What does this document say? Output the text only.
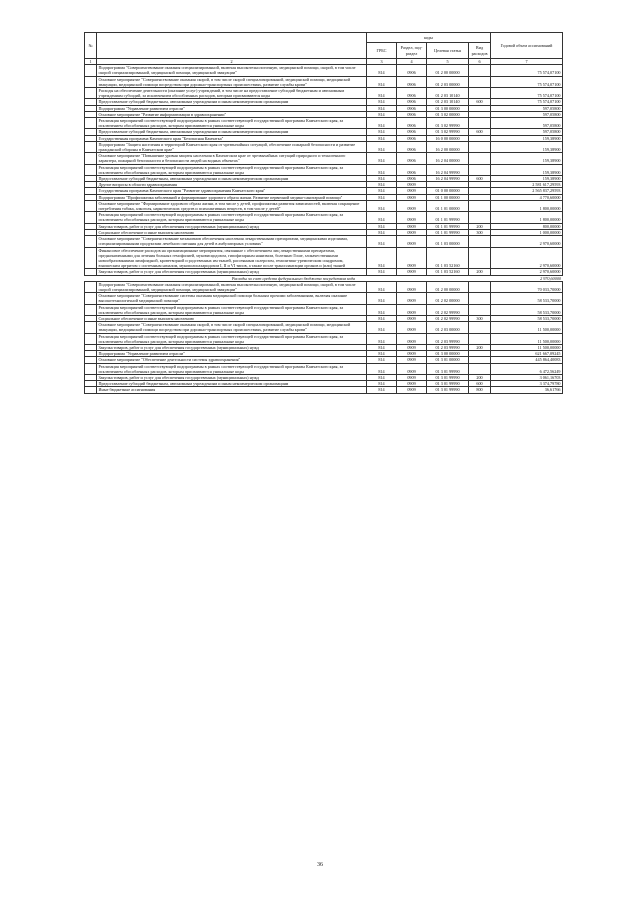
№		коды				Годовой объем ассигнований
		ГРБС	Раздел, под-раздел	Целевая статья	Вид расходов	
1	2	3	4	5	6	7
	Подпрограмма "Совершенствование оказания специализированной, включая высокотехнологичную, медицинской помощи, скорой, в том числе скорой специализированной, медицинской помощи, медицинской эвакуации"	814	0906	01 2 00 00000		75 574,07100
	Основное мероприятие "Совершенствование оказания скорой, в том числе скорой специализированной, медицинской помощи, медицинской эвакуации, медицинской помощи посредством при дорожно-транспортных происшествиях, развитие службы крови"	814	0906	01 2 03 00000		75 574,07100
	Расходы на обеспечение деятельности (оказание услуг) учреждений, в том числе на предоставление субсидий бюджетным и автономным учреждениям субсидий, за исключением обособленных расходов, которым присваиваются коды	814	0906	01 2 03 10140		75 574,07100
	Предоставление субсидий бюджетным, автономным учреждениям и иным некоммерческим организациям	814	0906	01 2 03 10140	600	75 574,07100
	Подпрограмма "Управление развитием отрасли"	814	0906	01 3 00 00000		597,05800
	Основное мероприятие "Развитие информатизации в здравоохранении"	814	0906	01 3 02 00000		597,05800
	Реализация мероприятий соответствующей подпрограммы в рамках соответствующей государственной программы Камчатского края, за исключением обособленных расходов, которым присваиваются уникальные коды	814	0906	01 3 02 99990		597,05800
	Предоставление субсидий бюджетным, автономным учреждениям и иным некоммерческим организациям	814	0906	01 3 02 99990	600	597,05800
	Государственная программа Камчатского края "Безопасная Камчатка"	814	0906	16 0 00 00000		159,38900
	Подпрограмма "Защита населения и территорий Камчатского края от чрезвычайных ситуаций, обеспечение пожарной безопасности и развитие гражданской обороны в Камчатском крае"	814	0906	16 2 00 00000		159,38900
	Основное мероприятие "Повышение уровня защиты населения в Камчатском крае от чрезвычайных ситуаций природного и техногенного характера, пожарной безопасности и безопасности людей на водных объектах"	814	0906	16 2 04 00000		159,38900
	Реализация мероприятий соответствующей подпрограммы в рамках соответствующей государственной программы Камчатского края, за исключением обособленных расходов, которым присваиваются уникальные коды	814	0906	16 2 04 99990		159,38900
	Предоставление субсидий бюджетным, автономным учреждениям и иным некоммерческим организациям	814	0906	16 2 04 99990	600	159,38900
	Другие вопросы в области здравоохранения	814	0909			2 581 617,29593
	Государственная программа Камчатского края "Развитие здравоохранения Камчатского края"	814	0909	01 0 00 00000		2 565 837,29593
	Подпрограмма "Профилактика заболеваний и формирование здорового образа жизни. Развитие первичной медико-санитарной помощи"	814	0909	01 1 00 00000		4 770,60000
	Основное мероприятие "Формирование здорового образа жизни, в том числе у детей, профилактика развития зависимостей, включая сокращение потребления табака, алкоголя, наркотических средств и психоактивных веществ, в том числе у детей"	814	0909	01 1 01 00000		1 800,00000
	Реализация мероприятий соответствующей подпрограммы в рамках соответствующей государственной программы Камчатского края, за исключением обособленных расходов, которым присваиваются уникальные коды	814	0909	01 1 01 99990		1 800,00000
	Закупка товаров, работ и услуг для обеспечения государственных (муниципальных) нужд	814	0909	01 1 01 99990	200	800,00000
	Социальное обеспечение и иные выплаты населению	814	0909	01 1 01 99990	300	1 000,00000
	Основное мероприятие "Совершенствование механизмов обеспечения населения лекарственными препаратами, медицинскими изделиями, специализированными продуктами лечебного питания для детей в амбулаторных условиях"	814	0909	01 1 03 00000		2 970,60000
	Финансовое обеспечение расходов на организационные мероприятия, связанные с обеспечением лиц лекарственными препаратами, предназначенными для лечения больных гемофилией, муковисцидозом, гипофизарным нанизмом, болезнью Гоше, злокачественными новообразованиями лимфоидной, кроветворной и родственных им тканей, рассеянным склерозом, гемолитико-уремическим синдромом, юношеским артритом с системным началом, мукополисахаридозом I, II и VI типов, а также после трансплантации органов и (или) тканей	814	0909	01 1 03 52160		2 970,60000
	Закупка товаров, работ и услуг для обеспечения государственных (муниципальных) нужд	814	0909	01 1 03 52160	200	2 970,60000
	Расходы за счет средств федерального бюджета посредством кода					2 970,60000
	Подпрограмма "Совершенствование оказания специализированной, включая высокотехнологичную, медицинской помощи, скорой, в том числе скорой специализированной, медицинской помощи, медицинской эвакуации"	814	0909	01 2 00 00000		70 033,70000
	Основное мероприятие "Совершенствование системы оказания медицинской помощи больным прочими заболеваниями, включая оказание высокотехнологичной медицинской помощи"	814	0909	01 2 02 00000		58 533,70000
	Реализация мероприятий соответствующей подпрограммы в рамках соответствующей государственной программы Камчатского края, за исключением обособленных расходов, которым присваиваются уникальные коды	814	0909	01 2 02 99990		58 533,70000
	Социальное обеспечение и иные выплаты населению	814	0909	01 2 02 99990	300	58 533,70000
	Основное мероприятие "Совершенствование оказания скорой, в том числе скорой специализированной, медицинской помощи, медицинской эвакуации, медицинской помощи посредством при дорожно-транспортных происшествиях, развитие службы крови"	814	0909	01 2 03 00000		11 500,00000
	Реализация мероприятий соответствующей подпрограммы в рамках соответствующей государственной программы Камчатского края, за исключением обособленных расходов, которым присваиваются уникальные коды	814	0909	01 2 03 99990		11 500,00000
	Закупка товаров, работ и услуг для обеспечения государственных (муниципальных) нужд	814	0909	01 2 03 99990	200	11 500,00000
	Подпрограмма "Управление развитием отрасли"	814	0909	01 3 00 00000		621 667,09245
	Основное мероприятие "Обеспечение деятельности системы здравоохранения"	814	0909	01 3 01 00000		445 864,40083
	Реализация мероприятий соответствующей подпрограммы в рамках соответствующей государственной программы Камчатского края, за исключением обособленных расходов, которым присваиваются уникальные коды	814	0909	01 3 01 99990		6 472,56249
	Закупка товаров, работ и услуг для обеспечения государственных (муниципальных) нужд	814	0909	01 3 01 99990	200	3 061,16703
	Предоставление субсидий бюджетным, автономным учреждениям и иным некоммерческим организациям	814	0909	01 3 01 99990	600	3 374,79780
	Иные бюджетные ассигнования	814	0909	01 3 01 99990	800	36,61766
36
